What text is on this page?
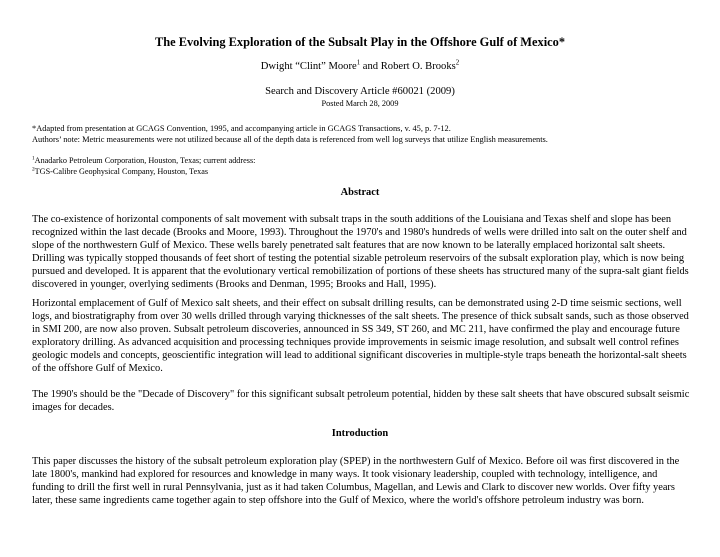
The Evolving Exploration of the Subsalt Play in the Offshore Gulf of Mexico*
Dwight “Clint” Moore$^1$ and Robert O. Brooks$^2$
Search and Discovery Article #60021 (2009)
Posted March 28, 2009
*Adapted from presentation at GCAGS Convention, 1995, and accompanying article in GCAGS Transactions, v. 45, p. 7-12.
Authors’ note: Metric measurements were not utilized because all of the depth data is referenced from well log surveys that utilize English measurements.
$^1$Anadarko Petroleum Corporation, Houston, Texas; current address:
$^2$TGS-Calibre Geophysical Company, Houston, Texas
Abstract

The co-existence of horizontal components of salt movement with subsalt traps in the south additions of the Louisiana and Texas shelf and slope has been recognized within the last decade (Brooks and Moore, 1993). Throughout the 1970's and 1980's hundreds of wells were drilled into salt on the outer shelf and slope of the northwestern Gulf of Mexico. These wells barely penetrated salt features that are now known to be laterally emplaced horizontal salt sheets. Drilling was typically stopped thousands of feet short of testing the potential sizable petroleum reservoirs of the subsalt exploration play, which is now being pursued and developed. It is apparent that the evolutionary vertical remobilization of portions of these sheets has structured many of the supra-salt giant fields discovered in younger, overlying sediments (Brooks and Denman, 1995; Brooks and Hall, 1995).

Horizontal emplacement of Gulf of Mexico salt sheets, and their effect on subsalt drilling results, can be demonstrated using 2-D time seismic sections, well logs, and biostratigraphy from over 30 wells drilled through varying thicknesses of the salt sheets. The presence of thick subsalt sands, such as those observed in SMI 200, are now also proven. Subsalt petroleum discoveries, announced in SS 349, ST 260, and MC 211, have confirmed the play and encourage future exploratory drilling. As advanced acquisition and processing techniques provide improvements in seismic image resolution, and subsalt well control refines geologic models and concepts, geoscientific integration will lead to additional significant discoveries in multiple-style traps beneath the horizontal-salt sheets of the offshore Gulf of Mexico.

The 1990's should be the "Decade of Discovery" for this significant subsalt petroleum potential, hidden by these salt sheets that have obscured subsalt seismic images for decades.

Introduction

This paper discusses the history of the subsalt petroleum exploration play (SPEP) in the northwestern Gulf of Mexico. Before oil was first discovered in the late 1800's, mankind had explored for resources and knowledge in many ways. It took visionary leadership, coupled with technology, intelligence, and funding to drill the first well in rural Pennsylvania, just as it had taken Columbus, Magellan, and Lewis and Clark to discover new worlds. Over fifty years later, these same ingredients came together again to step offshore into the Gulf of Mexico, where the world's offshore petroleum industry was born.
